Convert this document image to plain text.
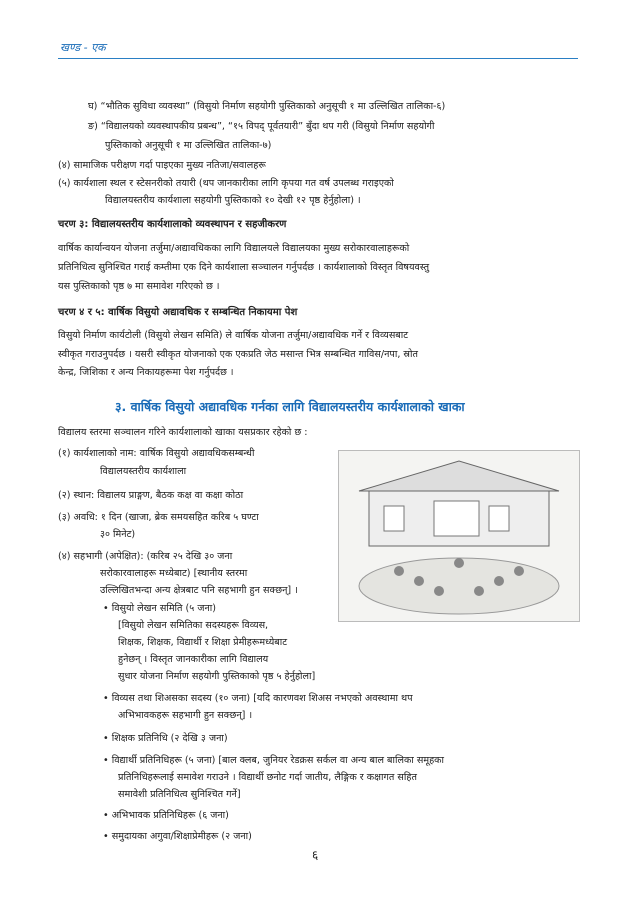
खण्ड - एक
घ) “भौतिक सुविधा व्यवस्था” (विसुयो निर्माण सहयोगी पुस्तिकाको अनुसूची १ मा उल्लिखित तालिका-६)
ङ) “विद्यालयको व्यवस्थापकीय प्रबन्ध”, “१५ विपद् पूर्वतयारी” बुँदा थप गरी (विसुयो निर्माण सहयोगी
पुस्तिकाको अनुसूची १ मा उल्लिखित तालिका-७)
(४) सामाजिक परीक्षण गर्दा पाइएका मुख्य नतिजा/सवालहरू
(५) कार्यशाला स्थल र स्टेसनरीको तयारी (थप जानकारीका लागि कृपया गत वर्ष उपलब्ध गराइएको
विद्यालयस्तरीय कार्यशाला सहयोगी पुस्तिकाको १० देखी १२ पृष्ठ हेर्नुहोला) ।
चरण ३: विद्यालयस्तरीय कार्यशालाको व्यवस्थापन र सहजीकरण
वार्षिक कार्यान्वयन योजना तर्जुमा/अद्यावधिकका लागि विद्यालयले विद्यालयका मुख्य सरोकारवालाहरूको
प्रतिनिधित्व सुनिश्चित गराई कम्तीमा एक दिने कार्यशाला सञ्चालन गर्नुपर्दछ । कार्यशालाको विस्तृत विषयवस्तु
यस पुस्तिकाको पृष्ठ ७ मा समावेश गरिएको छ ।
चरण ४ र ५: वार्षिक विसुयो अद्यावधिक र सम्बन्धित निकायमा पेश
विसुयो निर्माण कार्यटोली (विसुयो लेखन समिति) ले वार्षिक योजना तर्जुमा/अद्यावधिक गर्ने र विव्यसबाट
स्वीकृत गराउनुपर्दछ । यसरी स्वीकृत योजनाको एक एकप्रति जेठ मसान्त भित्र सम्बन्धित गाविस/नपा, स्रोत
केन्द्र, जिशिका र अन्य निकायहरूमा पेश गर्नुपर्दछ ।
३. वार्षिक विसुयो अद्यावधिक गर्नका लागि विद्यालयस्तरीय कार्यशालाको खाका
विद्यालय स्तरमा सञ्चालन गरिने कार्यशालाको खाका यसप्रकार रहेको छ :
(१) कार्यशालाको नाम: वार्षिक विसुयो अद्यावधिकसम्बन्धी
विद्यालयस्तरीय कार्यशाला
(२) स्थान: विद्यालय प्राङ्गण, बैठक कक्ष वा कक्षा कोठा
(३) अवधि: १ दिन (खाजा, ब्रेक समयसहित करिब ५ घण्टा
३० मिनेट)
(४) सहभागी (अपेक्षित): (करिब २५ देखि ३० जना
सरोकारवालाहरू मध्येबाट) [स्थानीय स्तरमा
उल्लिखितभन्दा अन्य क्षेत्रबाट पनि सहभागी हुन सक्छन्] ।
• विसुयो लेखन समिति (५ जना)
[विसुयो लेखन समितिका सदस्यहरू विव्यस,
शिक्षक, शिक्षक, विद्यार्थी र शिक्षा प्रेमीहरूमध्येबाट
हुनेछन् । विस्तृत जानकारीका लागि विद्यालय
सुधार योजना निर्माण सहयोगी पुस्तिकाको पृष्ठ ५ हेर्नुहोला]
• विव्यस तथा शिअसका सदस्य (१० जना) [यदि कारणवश शिअस नभएको अवस्थामा थप
अभिभावकहरू सहभागी हुन सक्छन्] ।
• शिक्षक प्रतिनिधि (२ देखि ३ जना)
• विद्यार्थी प्रतिनिधिहरू (५ जना) [बाल क्लब, जुनियर रेडक्रस सर्कल वा अन्य बाल बालिका समूहका
प्रतिनिधिहरूलाई समावेश गराउने । विद्यार्थी छनोट गर्दा जातीय, लैङ्गिक र कक्षागत सहित
समावेशी प्रतिनिधित्व सुनिश्चित गर्ने]
• अभिभावक प्रतिनिधिहरू (६ जना)
• समुदायका अगुवा/शिक्षाप्रेमीहरू (२ जना)
६
